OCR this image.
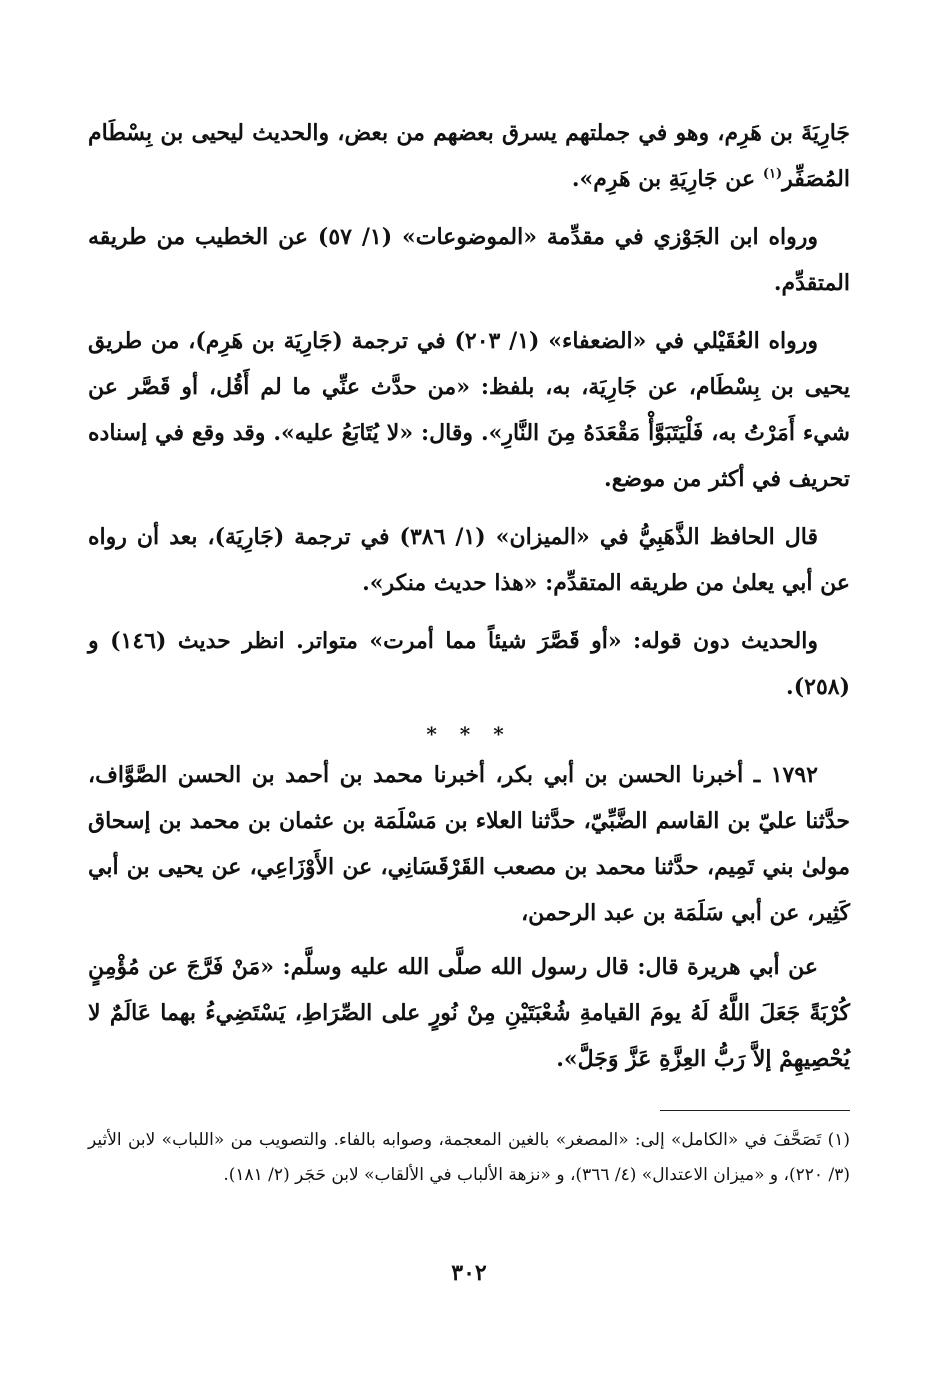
جَارِيَةَ بن هَرِم، وهو في جملتهم يسرق بعضهم من بعض، والحديث ليحيى بن بِسْطَام المُصَفِّر$^{(١)}$ عن جَارِيَةِ بن هَرِم».

ورواه ابن الجَوْزي في مقدِّمة «الموضوعات» (١/ ٥٧) عن الخطيب من طريقه المتقدِّم.

ورواه العُقَيْلي في «الضعفاء» (١/ ٢٠٣) في ترجمة (جَارِيَة بن هَرِم)، من طريق يحيى بن بِسْطَام، عن جَارِيَة، به، بلفظ: «من حدَّث عنِّي ما لم أَقُل، أو قَصَّر عن شيء أَمَرْتُ به، فَلْيَتَبَوَّأْ مَقْعَدَهُ مِنَ النَّارِ». وقال: «لا يُتَابَعُ عليه». وقد وقع في إسناده تحريف في أكثر من موضع.

قال الحافظ الذَّهَبِيُّ في «الميزان» (١/ ٣٨٦) في ترجمة (جَارِيَة)، بعد أن رواه عن أبي يعلىٰ من طريقه المتقدِّم: «هذا حديث منكر».

والحديث دون قوله: «أو قَصَّرَ شيئاً مما أمرت» متواتر. انظر حديث (١٤٦) و (٢٥٨).

* * *

١٧٩٢ ـ أخبرنا الحسن بن أبي بكر، أخبرنا محمد بن أحمد بن الحسن الصَّوَّاف، حدَّثنا عليّ بن القاسم الضَّبِّيّ، حدَّثنا العلاء بن مَسْلَمَة بن عثمان بن محمد بن إسحاق مولىٰ بني تَمِيم، حدَّثنا محمد بن مصعب القَرْقَسَانِي، عن الأَوْزَاعِي، عن يحيى بن أبي كَثِير، عن أبي سَلَمَة بن عبد الرحمن،

عن أبي هريرة قال: قال رسول الله صلَّى الله عليه وسلَّم: «مَنْ فَرَّجَ عن مُؤْمِنٍ كُرْبَةً جَعَلَ اللَّهُ لَهُ يومَ القيامةِ شُعْبَتَيْنِ مِنْ نُورٍ على الصِّرَاطِ، يَسْتَضِيءُ بهما عَالَمٌ لا يُحْصِيهِمْ إلاَّ رَبُّ العِزَّةِ عَزَّ وَجَلَّ».

(١) تَصَحَّفَ في «الكامل» إلى: «المصغر» بالغين المعجمة، وصوابه بالفاء. والتصويب من «اللباب» لابن الأثير (٣/ ٢٢٠)، و «ميزان الاعتدال» (٤/ ٣٦٦)، و «نزهة الألباب في الألقاب» لابن حَجَر (٢/ ١٨١).

٣٠٢
